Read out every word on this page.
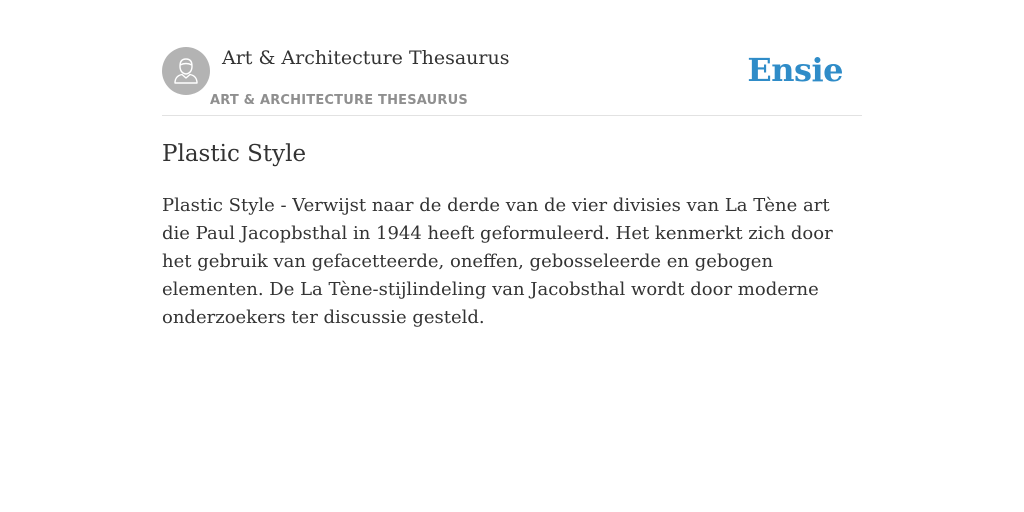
Art & Architecture Thesaurus
ART & ARCHITECTURE THESAURUS
Ensie
Plastic Style

Plastic Style - Verwijst naar de derde van de vier divisies van La Tène art die Paul Jacopbsthal in 1944 heeft geformuleerd. Het kenmerkt zich door het gebruik van gefacetteerde, oneffen, gebosseleerde en gebogen elementen. De La Tène-stijlindeling van Jacobsthal wordt door moderne onderzoekers ter discussie gesteld.
